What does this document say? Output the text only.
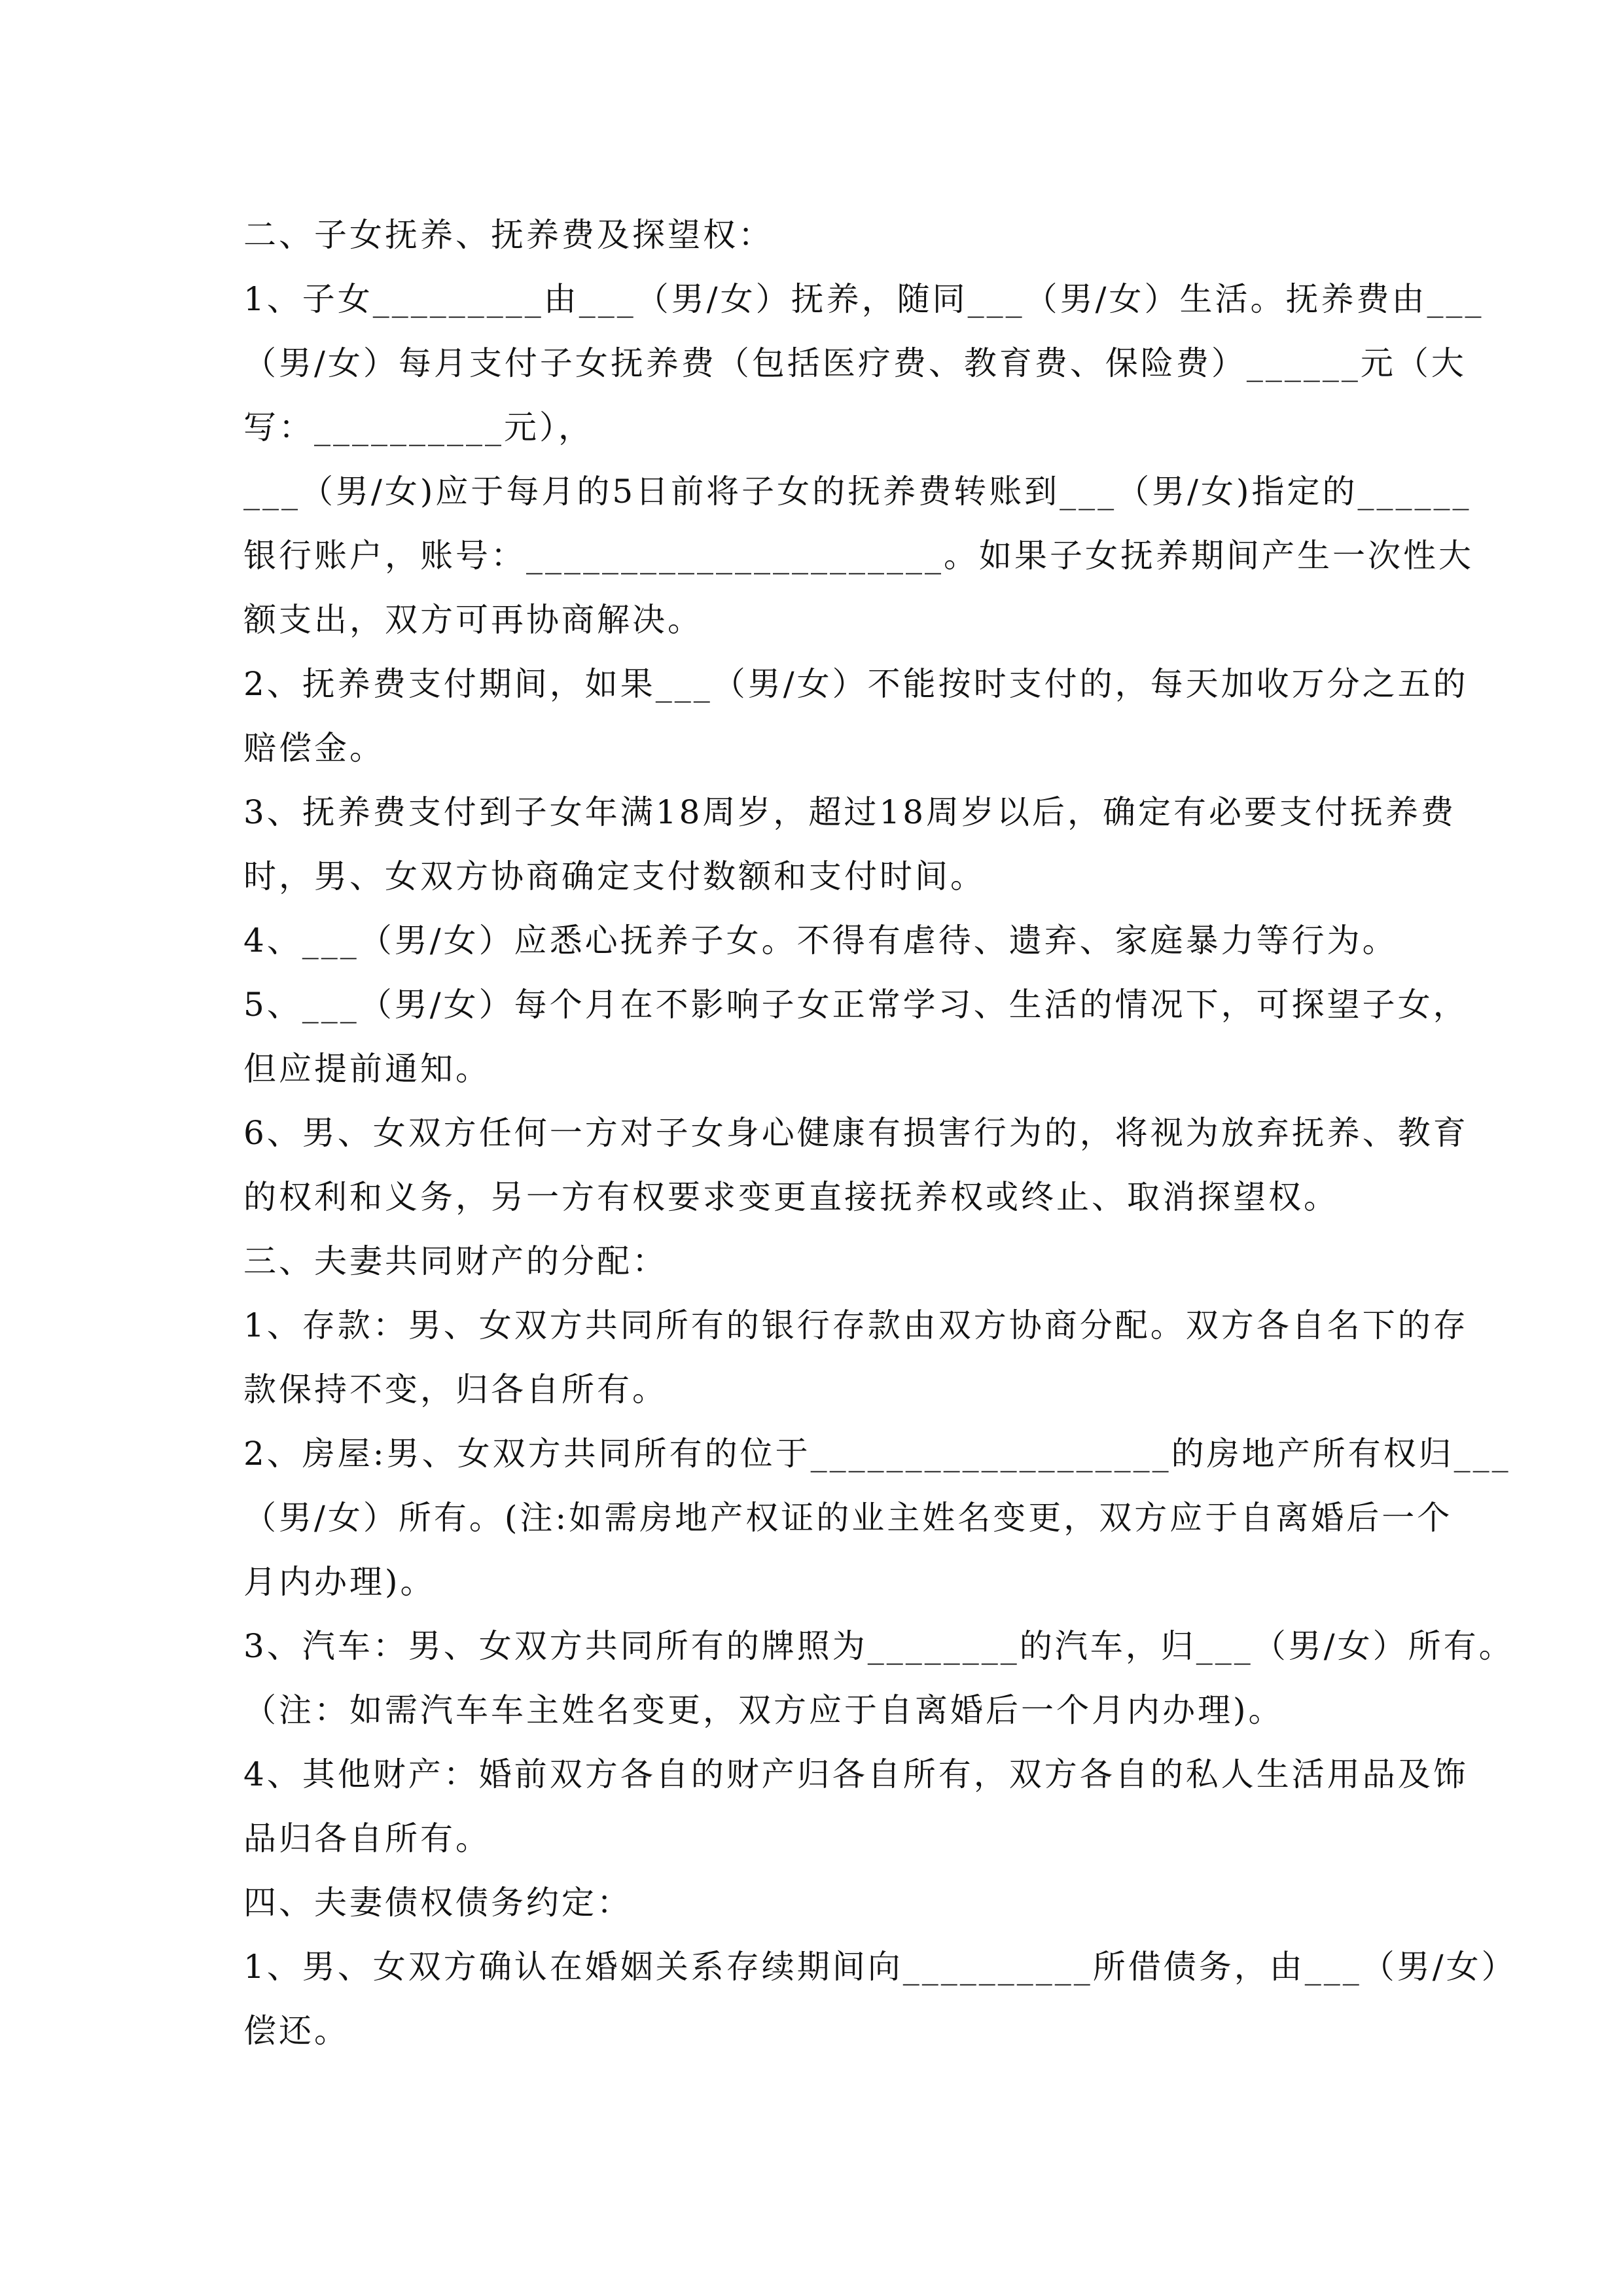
二、子女抚养、抚养费及探望权：
1、子女_________由___（男/女）抚养，随同___（男/女）生活。抚养费由___
（男/女）每月支付子女抚养费（包括医疗费、教育费、保险费）______元（大
写：__________元），
___（男/女)应于每月的5日前将子女的抚养费转账到___（男/女)指定的______
银行账户，账号：______________________。如果子女抚养期间产生一次性大
额支出，双方可再协商解决。
2、抚养费支付期间，如果___（男/女）不能按时支付的，每天加收万分之五的
赔偿金。
3、抚养费支付到子女年满18周岁，超过18周岁以后，确定有必要支付抚养费
时，男、女双方协商确定支付数额和支付时间。
4、___（男/女）应悉心抚养子女。不得有虐待、遗弃、家庭暴力等行为。
5、___（男/女）每个月在不影响子女正常学习、生活的情况下，可探望子女，
但应提前通知。
6、男、女双方任何一方对子女身心健康有损害行为的，将视为放弃抚养、教育
的权利和义务，另一方有权要求变更直接抚养权或终止、取消探望权。
三、夫妻共同财产的分配：
1、存款：男、女双方共同所有的银行存款由双方协商分配。双方各自名下的存
款保持不变，归各自所有。
2、房屋:男、女双方共同所有的位于___________________的房地产所有权归___
（男/女）所有。(注:如需房地产权证的业主姓名变更，双方应于自离婚后一个
月内办理)。
3、汽车：男、女双方共同所有的牌照为________的汽车，归___（男/女）所有。
（注：如需汽车车主姓名变更，双方应于自离婚后一个月内办理)。
4、其他财产：婚前双方各自的财产归各自所有，双方各自的私人生活用品及饰
品归各自所有。
四、夫妻债权债务约定：
1、男、女双方确认在婚姻关系存续期间向__________所借债务，由___（男/女）
偿还。
